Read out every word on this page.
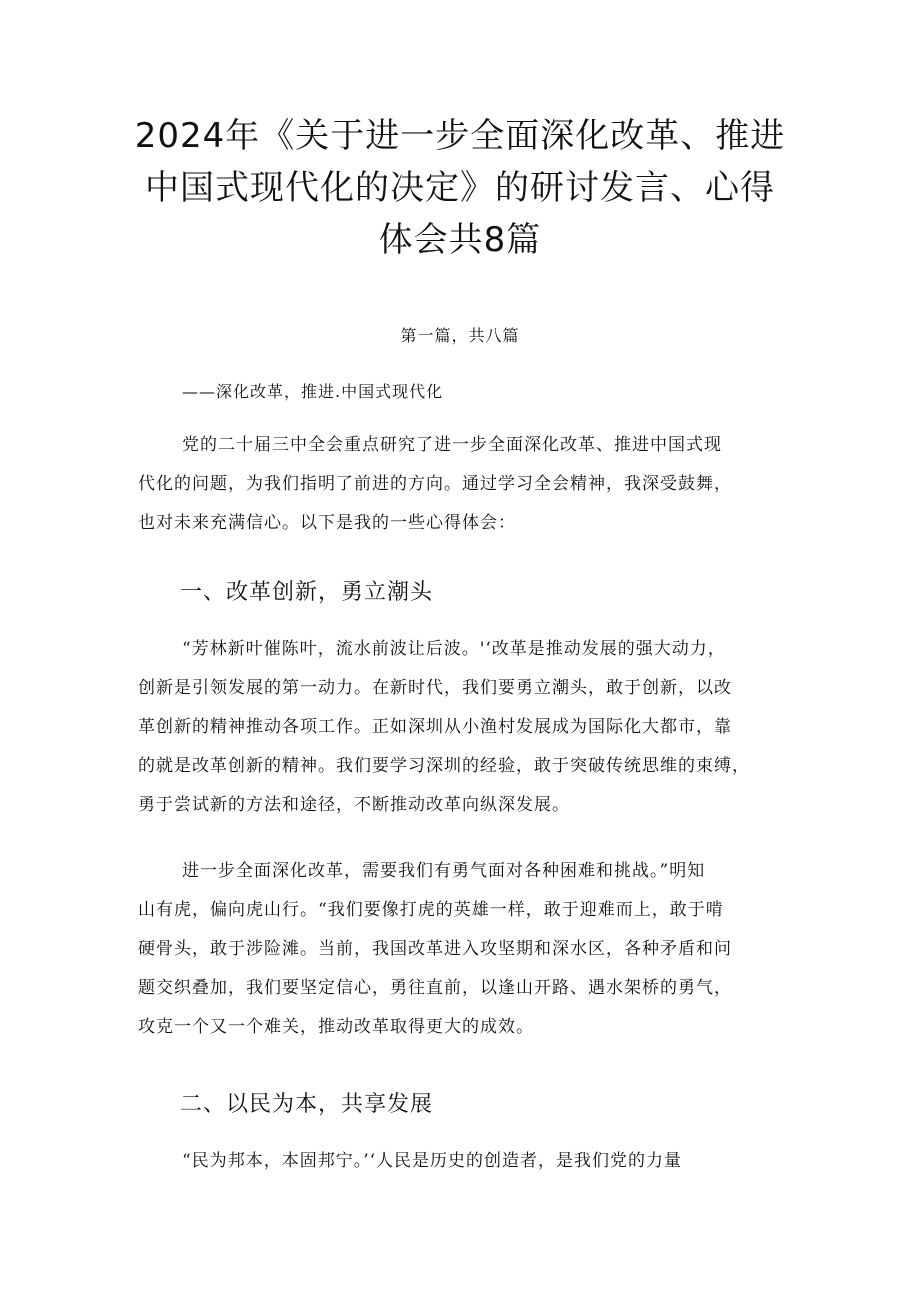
2024年《关于进一步全面深化改革、推进
中国式现代化的决定》的研讨发言、心得
体会共8篇
第一篇，共八篇
——深化改革，推进.中国式现代化
党的二十届三中全会重点研究了进一步全面深化改革、推进中国式现
代化的问题，为我们指明了前进的方向。通过学习全会精神，我深受鼓舞，
也对未来充满信心。以下是我的一些心得体会：
一、改革创新，勇立潮头
“芳林新叶催陈叶，流水前波让后波。'‘改革是推动发展的强大动力，
创新是引领发展的第一动力。在新时代，我们要勇立潮头，敢于创新，以改
革创新的精神推动各项工作。正如深圳从小渔村发展成为国际化大都市，靠
的就是改革创新的精神。我们要学习深圳的经验，敢于突破传统思维的束缚，
勇于尝试新的方法和途径，不断推动改革向纵深发展。
进一步全面深化改革，需要我们有勇气面对各种困难和挑战。”明知
山有虎，偏向虎山行。“我们要像打虎的英雄一样，敢于迎难而上，敢于啃
硬骨头，敢于涉险滩。当前，我国改革进入攻坚期和深水区，各种矛盾和问
题交织叠加，我们要坚定信心，勇往直前，以逢山开路、遇水架桥的勇气，
攻克一个又一个难关，推动改革取得更大的成效。
二、以民为本，共享发展
“民为邦本，本固邦宁。’‘人民是历史的创造者，是我们党的力量
